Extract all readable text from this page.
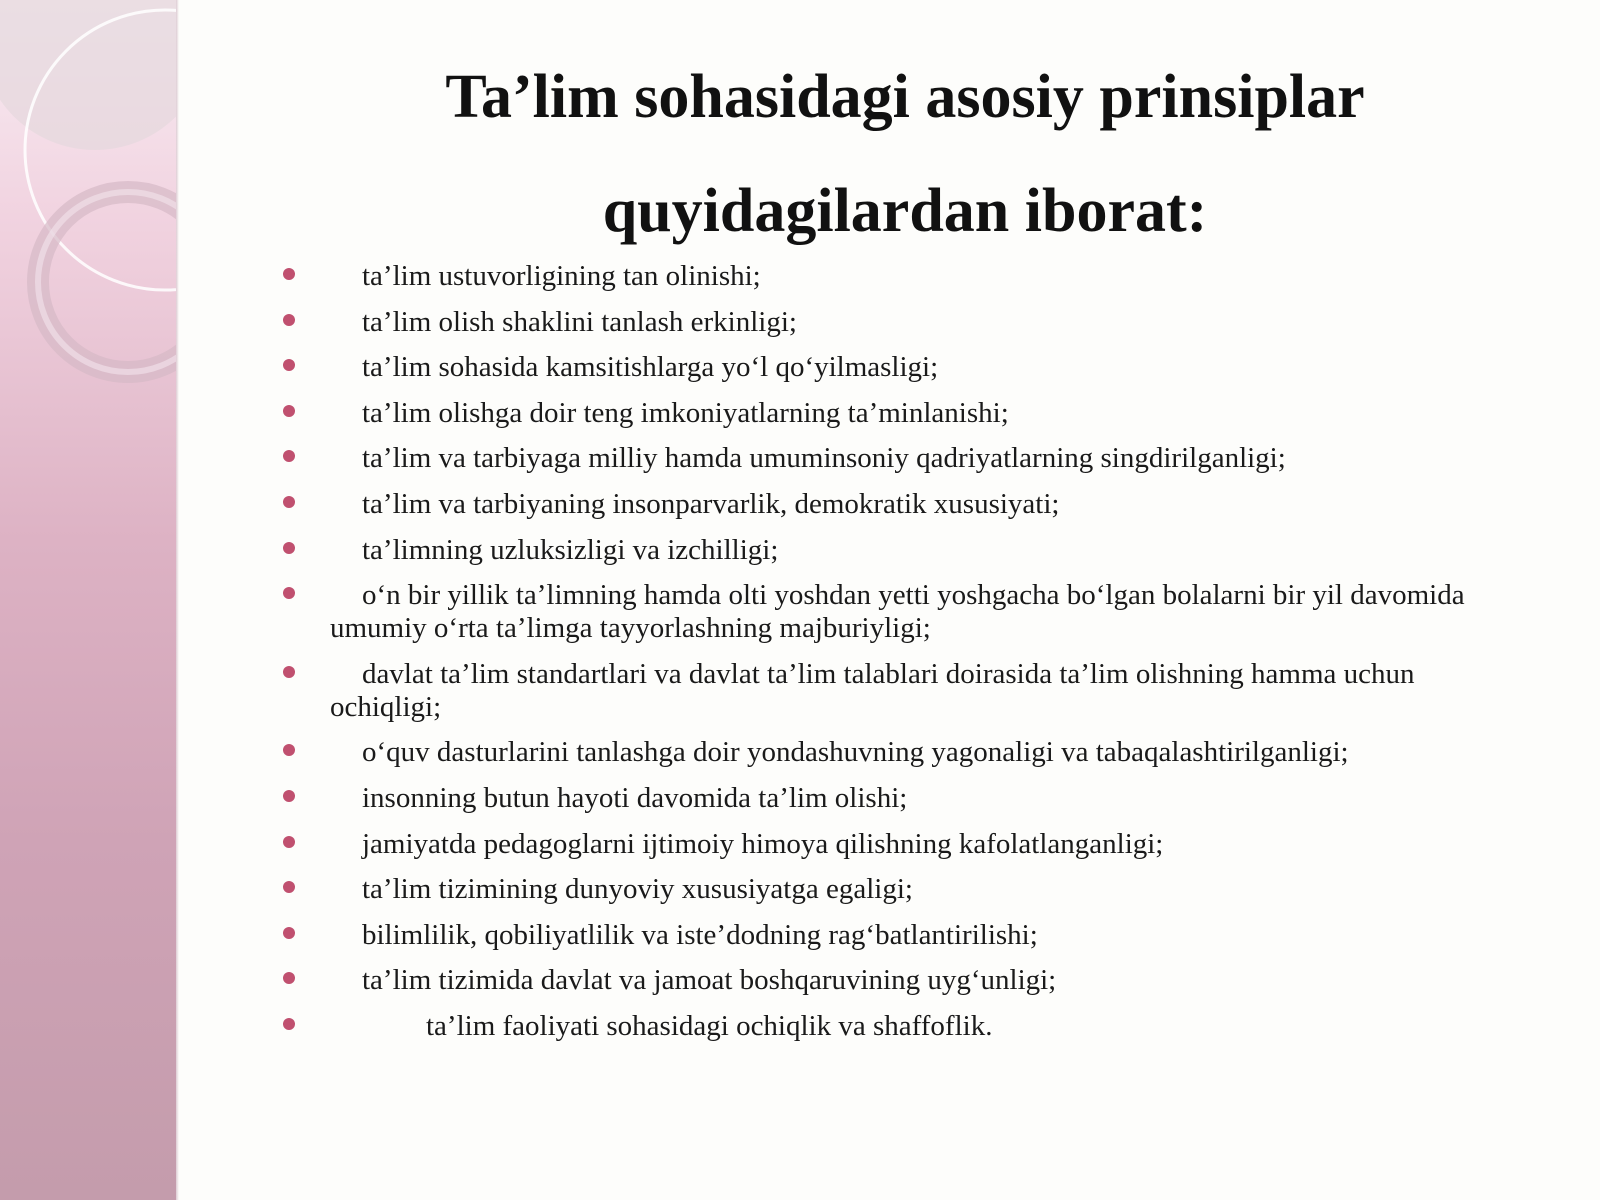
Ta’lim sohasidagi asosiy prinsiplar
quyidagilardan iborat:
ta’lim ustuvorligining tan olinishi;
ta’lim olish shaklini tanlash erkinligi;
ta’lim sohasida kamsitishlarga yo‘l qo‘yilmasligi;
ta’lim olishga doir teng imkoniyatlarning ta’minlanishi;
ta’lim va tarbiyaga milliy hamda umuminsoniy qadriyatlarning singdirilganligi;
ta’lim va tarbiyaning insonparvarlik, demokratik xususiyati;
ta’limning uzluksizligi va izchilligi;
o‘n bir yillik ta’limning hamda olti yoshdan yetti yoshgacha bo‘lgan bolalarni bir yil davomida umumiy o‘rta ta’limga tayyorlashning majburiyligi;
davlat ta’lim standartlari va davlat ta’lim talablari doirasida ta’lim olishning hamma uchun ochiqligi;
o‘quv dasturlarini tanlashga doir yondashuvning yagonaligi va tabaqalashtirilganligi;
insonning butun hayoti davomida ta’lim olishi;
jamiyatda pedagoglarni ijtimoiy himoya qilishning kafolatlanganligi;
ta’lim tizimining dunyoviy xususiyatga egaligi;
bilimlilik, qobiliyatlilik va iste’dodning rag‘batlantirilishi;
ta’lim tizimida davlat va jamoat boshqaruvining uyg‘unligi;
ta’lim faoliyati sohasidagi ochiqlik va shaffoflik.
